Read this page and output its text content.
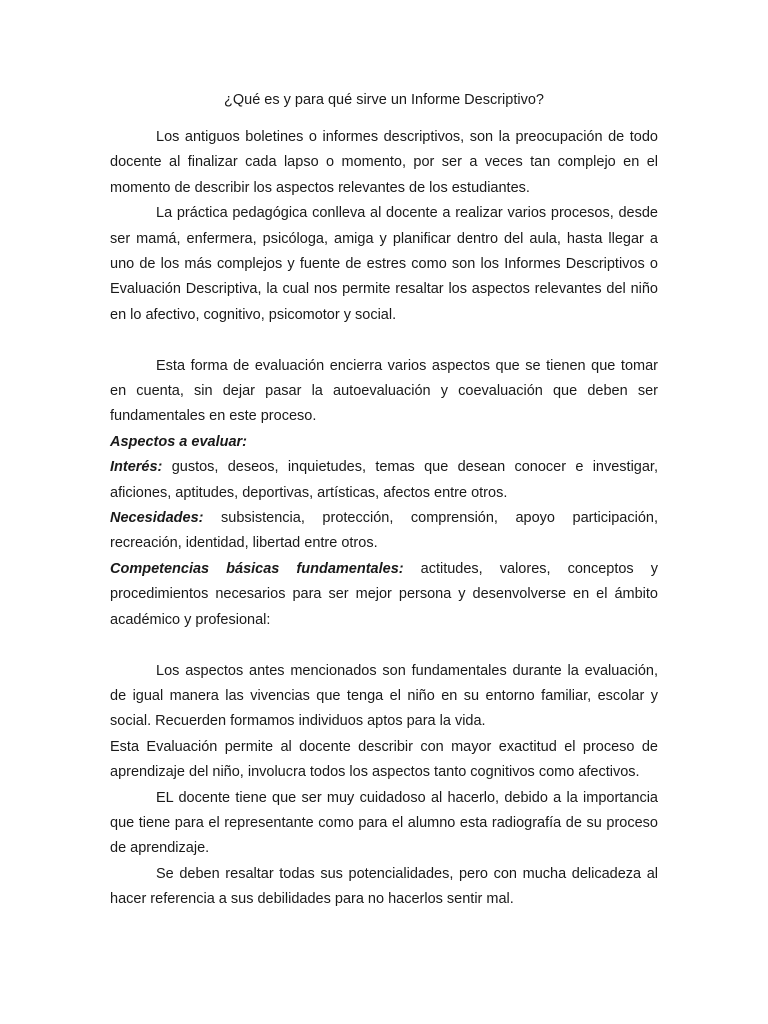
¿Qué es y para qué sirve un Informe Descriptivo?

Los antiguos boletines o informes descriptivos, son la preocupación de todo docente al finalizar cada lapso o momento, por ser a veces tan complejo en el momento de describir los aspectos relevantes de los estudiantes.

La práctica pedagógica conlleva al docente a realizar varios procesos, desde ser mamá, enfermera, psicóloga, amiga y planificar dentro del aula, hasta llegar a uno de los más complejos y fuente de estres como son los Informes Descriptivos o Evaluación Descriptiva, la cual nos permite resaltar los aspectos relevantes del niño en lo afectivo, cognitivo, psicomotor y social.

Esta forma de evaluación encierra varios aspectos que se tienen que tomar en cuenta, sin dejar pasar la autoevaluación y coevaluación que deben ser fundamentales en este proceso.

Aspectos a evaluar:

Interés: gustos, deseos, inquietudes, temas que desean conocer e investigar, aficiones, aptitudes, deportivas, artísticas, afectos entre otros.

Necesidades: subsistencia, protección, comprensión, apoyo participación, recreación, identidad, libertad entre otros.

Competencias básicas fundamentales: actitudes, valores, conceptos y procedimientos necesarios para ser mejor persona y desenvolverse en el ámbito académico y profesional:

Los aspectos antes mencionados son fundamentales durante la evaluación, de igual manera las vivencias que tenga el niño en su entorno familiar, escolar y social. Recuerden formamos individuos aptos para la vida.

Esta Evaluación permite al docente describir con mayor exactitud el proceso de aprendizaje del niño, involucra todos los aspectos tanto cognitivos como afectivos.

EL docente tiene que ser muy cuidadoso al hacerlo, debido a la importancia que tiene para el representante como para el alumno esta radiografía de su proceso de aprendizaje.

Se deben resaltar todas sus potencialidades, pero con mucha delicadeza al hacer referencia a sus debilidades para no hacerlos sentir mal.
